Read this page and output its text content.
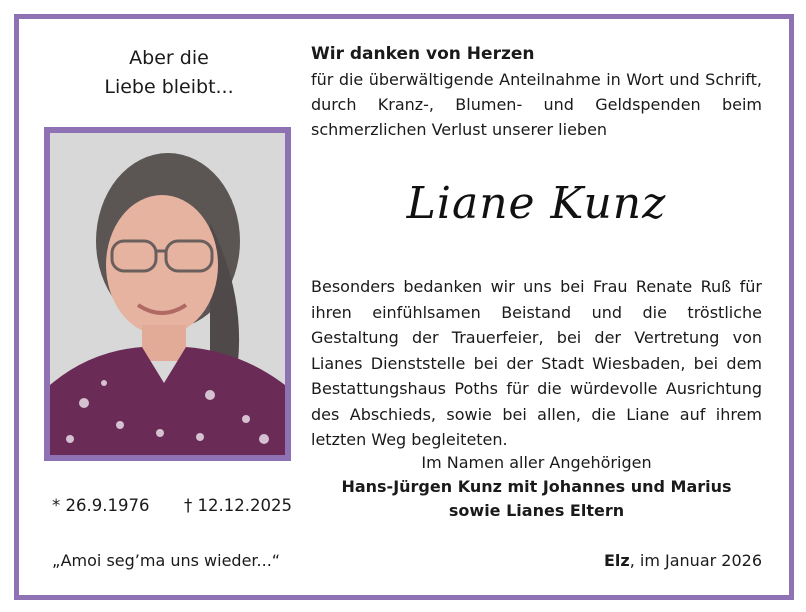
Aber die
Liebe bleibt...
* 26.9.1976 † 12.12.2025
„Amoi seg’ma uns wieder...“
Wir danken von Herzen
für die überwältigende Anteilnahme in Wort und Schrift, durch Kranz-, Blumen- und Geldspenden beim schmerzlichen Verlust unserer lieben
Liane Kunz
Besonders bedanken wir uns bei Frau Renate Ruß für ihren einfühlsamen Beistand und die tröstliche Gestaltung der Trauerfeier, bei der Vertretung von Lianes Dienststelle bei der Stadt Wiesbaden, bei dem Bestattungshaus Poths für die würdevolle Ausrichtung des Abschieds, sowie bei allen, die Liane auf ihrem letzten Weg begleiteten.
Im Namen aller Angehörigen
Hans-Jürgen Kunz mit Johannes und Marius
sowie Lianes Eltern
Elz, im Januar 2026
